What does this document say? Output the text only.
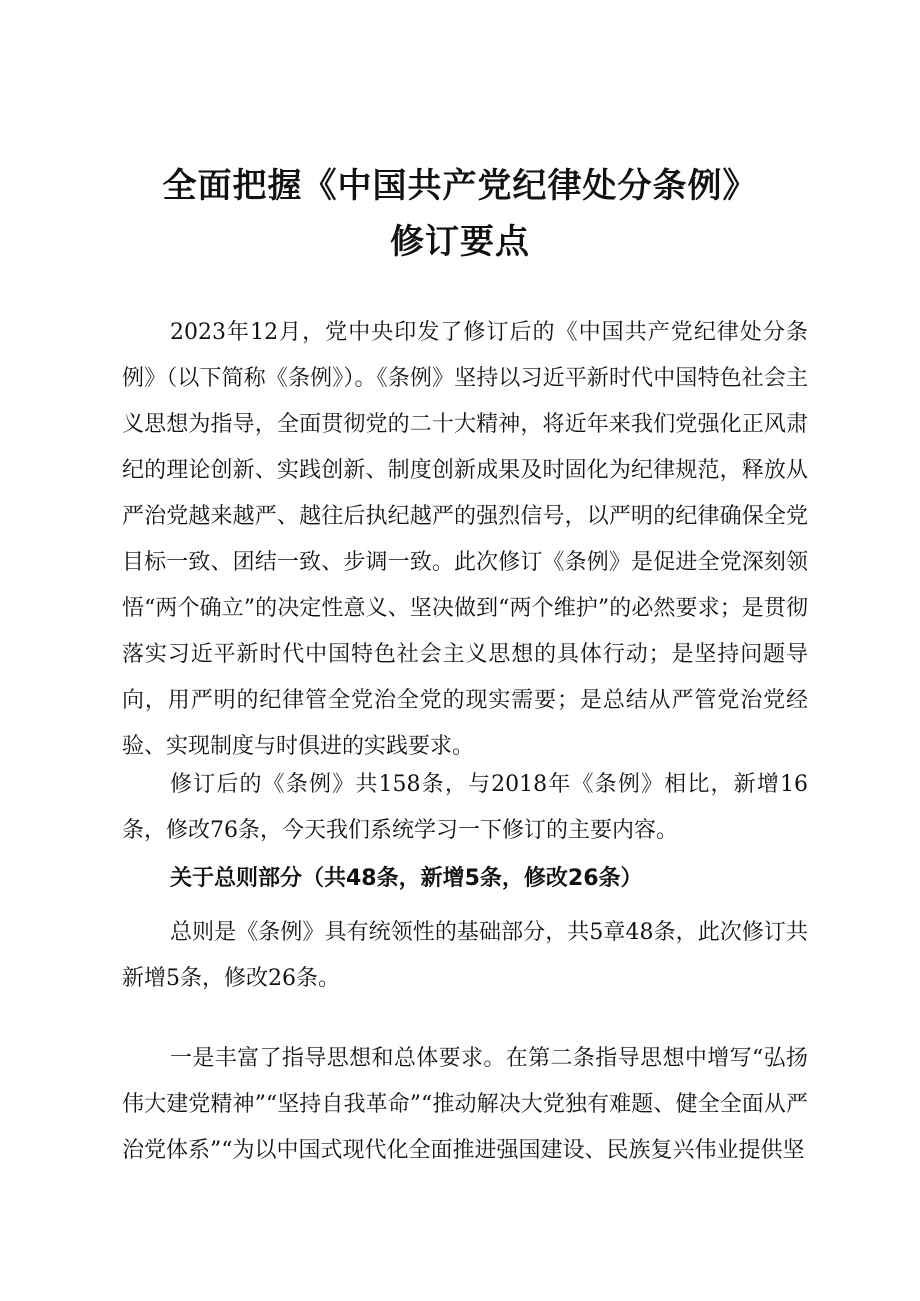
全面把握《中国共产党纪律处分条例》
修订要点

2023年12月，党中央印发了修订后的《中国共产党纪律处分条例》（以下简称《条例》）。《条例》坚持以习近平新时代中国特色社会主义思想为指导，全面贯彻党的二十大精神，将近年来我们党强化正风肃纪的理论创新、实践创新、制度创新成果及时固化为纪律规范，释放从严治党越来越严、越往后执纪越严的强烈信号，以严明的纪律确保全党目标一致、团结一致、步调一致。此次修订《条例》是促进全党深刻领悟“两个确立”的决定性意义、坚决做到“两个维护”的必然要求；是贯彻落实习近平新时代中国特色社会主义思想的具体行动；是坚持问题导向，用严明的纪律管全党治全党的现实需要；是总结从严管党治党经验、实现制度与时俱进的实践要求。

修订后的《条例》共158条，与2018年《条例》相比，新增16条，修改76条，今天我们系统学习一下修订的主要内容。

关于总则部分（共48条，新增5条，修改26条）

总则是《条例》具有统领性的基础部分，共5章48条，此次修订共新增5条，修改26条。

一是丰富了指导思想和总体要求。在第二条指导思想中增写“弘扬伟大建党精神”“坚持自我革命”“推动解决大党独有难题、健全全面从严治党体系”“为以中国式现代化全面推进强国建设、民族复兴伟业提供坚
